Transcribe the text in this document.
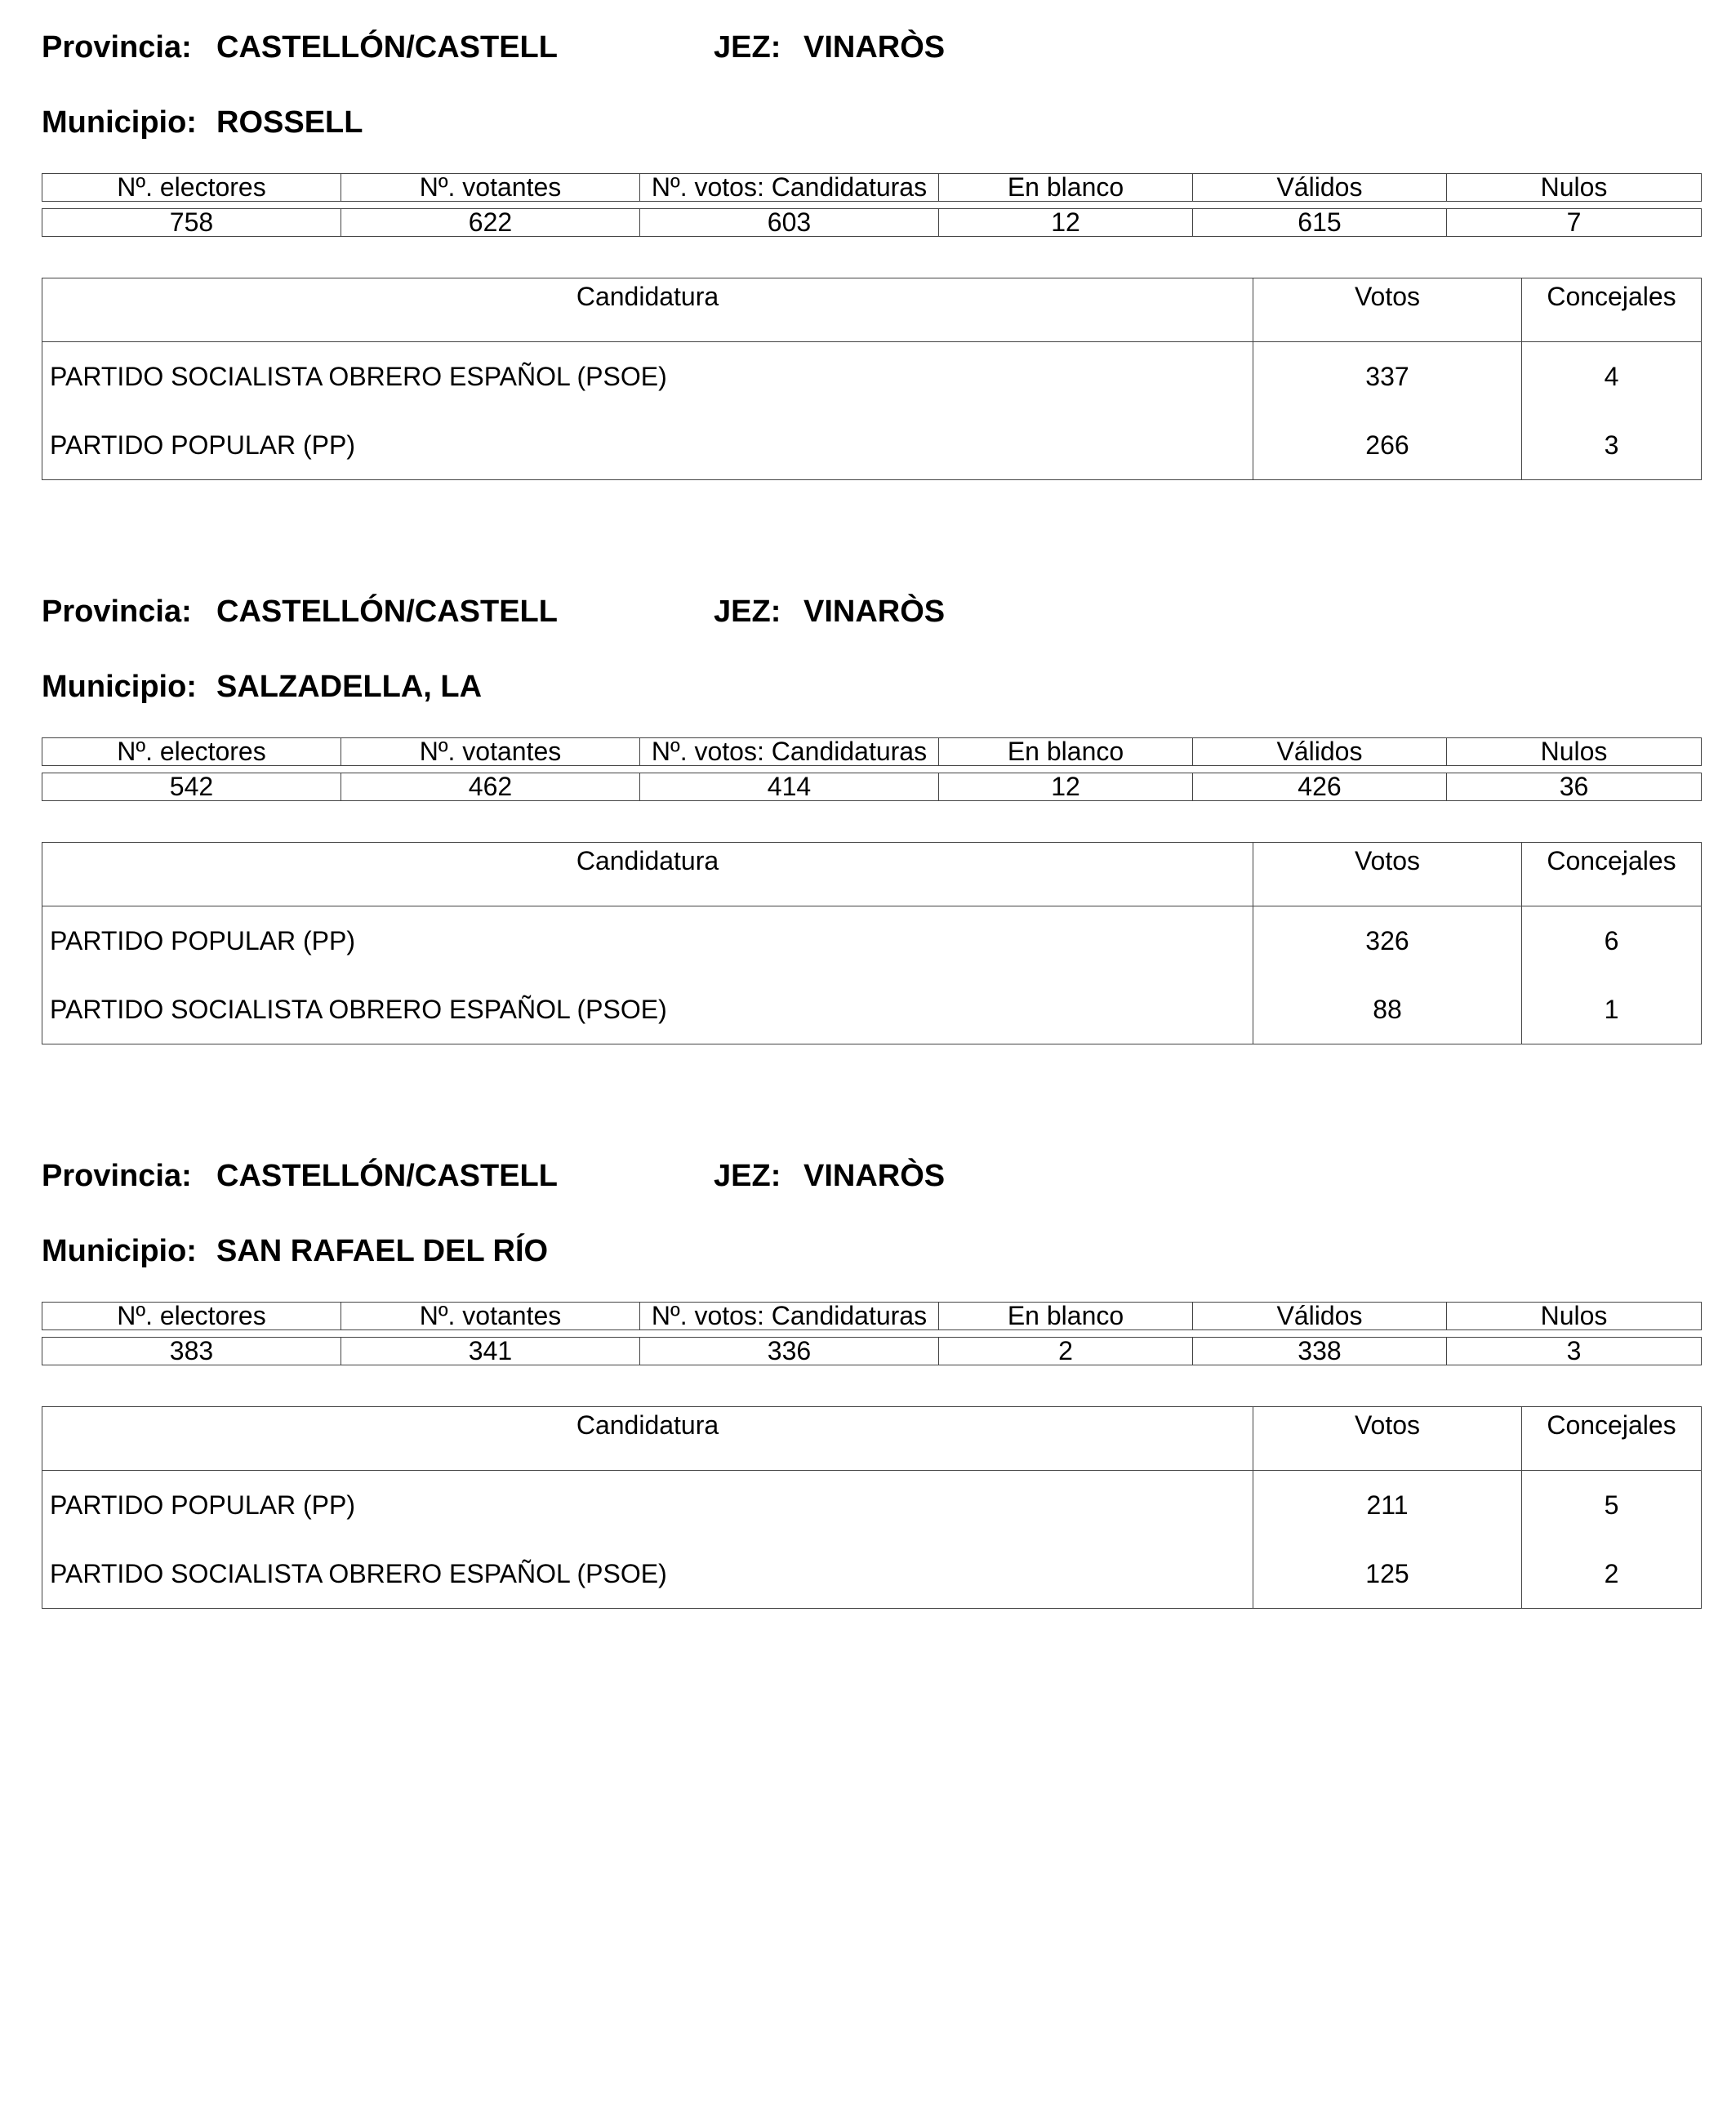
Provincia: CASTELLÓN/CASTELL	JEZ: VINARÒS
Municipio: ROSSELL
Nº. electores	Nº. votantes	Nº. votos: Candidaturas	En blanco	Válidos	Nulos

758	622	603	12	615	7
Candidatura	Votos	Concejales
PARTIDO SOCIALISTA OBRERO ESPAÑOL (PSOE)	337	4
PARTIDO POPULAR (PP)	266	3
Provincia: CASTELLÓN/CASTELL	JEZ: VINARÒS
Municipio: SALZADELLA, LA
Nº. electores	Nº. votantes	Nº. votos: Candidaturas	En blanco	Válidos	Nulos

542	462	414	12	426	36
Candidatura	Votos	Concejales
PARTIDO POPULAR (PP)	326	6
PARTIDO SOCIALISTA OBRERO ESPAÑOL (PSOE)	88	1
Provincia: CASTELLÓN/CASTELL	JEZ: VINARÒS
Municipio: SAN RAFAEL DEL RÍO
Nº. electores	Nº. votantes	Nº. votos: Candidaturas	En blanco	Válidos	Nulos

383	341	336	2	338	3
Candidatura	Votos	Concejales
PARTIDO POPULAR (PP)	211	5
PARTIDO SOCIALISTA OBRERO ESPAÑOL (PSOE)	125	2
